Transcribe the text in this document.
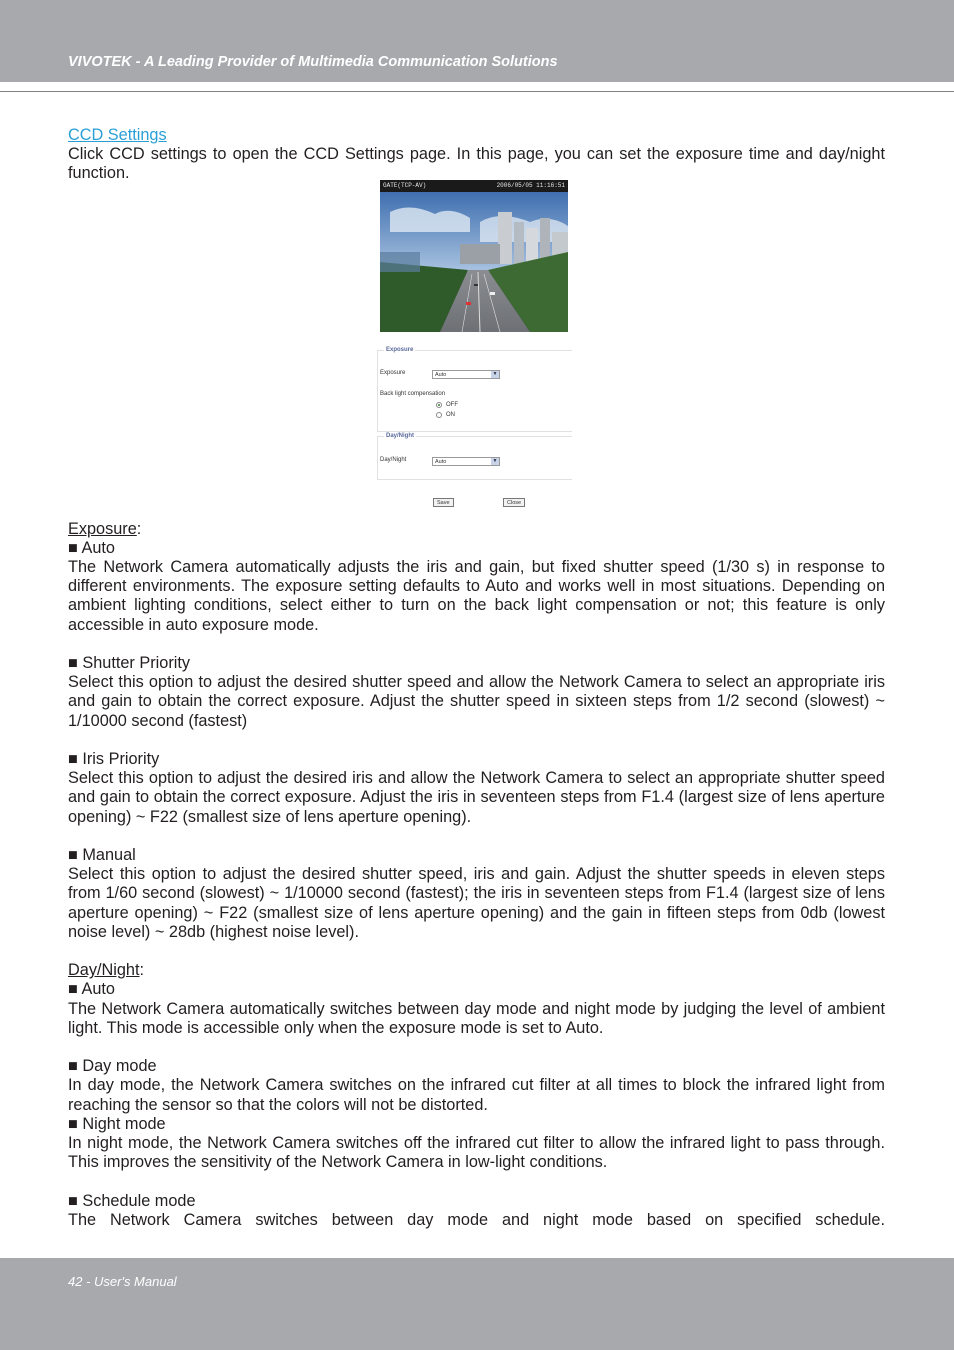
VIVOTEK - A Leading Provider of Multimedia Communication Solutions
CCD Settings

Click CCD settings to open the CCD Settings page. In this page, you can set the exposure time and day/night function.

Exposure:
■ Auto

The Network Camera automatically adjusts the iris and gain, but fixed shutter speed (1/30 s) in response to different environments. The exposure setting defaults to Auto and works well in most situations. Depending on ambient lighting conditions, select either to turn on the back light compensation or not; this feature is only accessible in auto exposure mode.

■ Shutter Priority

Select this option to adjust the desired shutter speed and allow the Network Camera to select an appropriate iris and gain to obtain the correct exposure. Adjust the shutter speed in sixteen steps from 1/2 second (slowest) ~ 1/10000 second (fastest)

■ Iris Priority

Select this option to adjust the desired iris and allow the Network Camera to select an appropriate shutter speed and gain to obtain the correct exposure. Adjust the iris in seventeen steps from F1.4 (largest size of lens aperture opening) ~ F22 (smallest size of lens aperture opening).

■ Manual

Select this option to adjust the desired shutter speed, iris and gain. Adjust the shutter speeds in eleven steps from 1/60 second (slowest) ~ 1/10000 second (fastest); the iris in seventeen steps from F1.4 (largest size of lens aperture opening) ~ F22 (smallest size of lens aperture opening) and the gain in fifteen steps from 0db (lowest noise level) ~ 28db (highest noise level).

Day/Night:
■ Auto

The Network Camera automatically switches between day mode and night mode by judging the level of ambient light. This mode is accessible only when the exposure mode is set to Auto.

■ Day mode

In day mode, the Network Camera switches on the infrared cut filter at all times to block the infrared light from reaching the sensor so that the colors will not be distorted.

■ Night mode

In night mode, the Network Camera switches off the infrared cut filter to allow the infrared light to pass through. This improves the sensitivity of the Network Camera in low-light conditions.

■ Schedule mode

The Network Camera switches between day mode and night mode based on specified schedule.

GATE(TCP-AV)	2006/05/05 11:16:51
Exposure
Exposure	Auto	▼
Back light compensation
OFF
ON
Day/Night
Day/Night	Auto	▼
Save	Close
42 - User's Manual
